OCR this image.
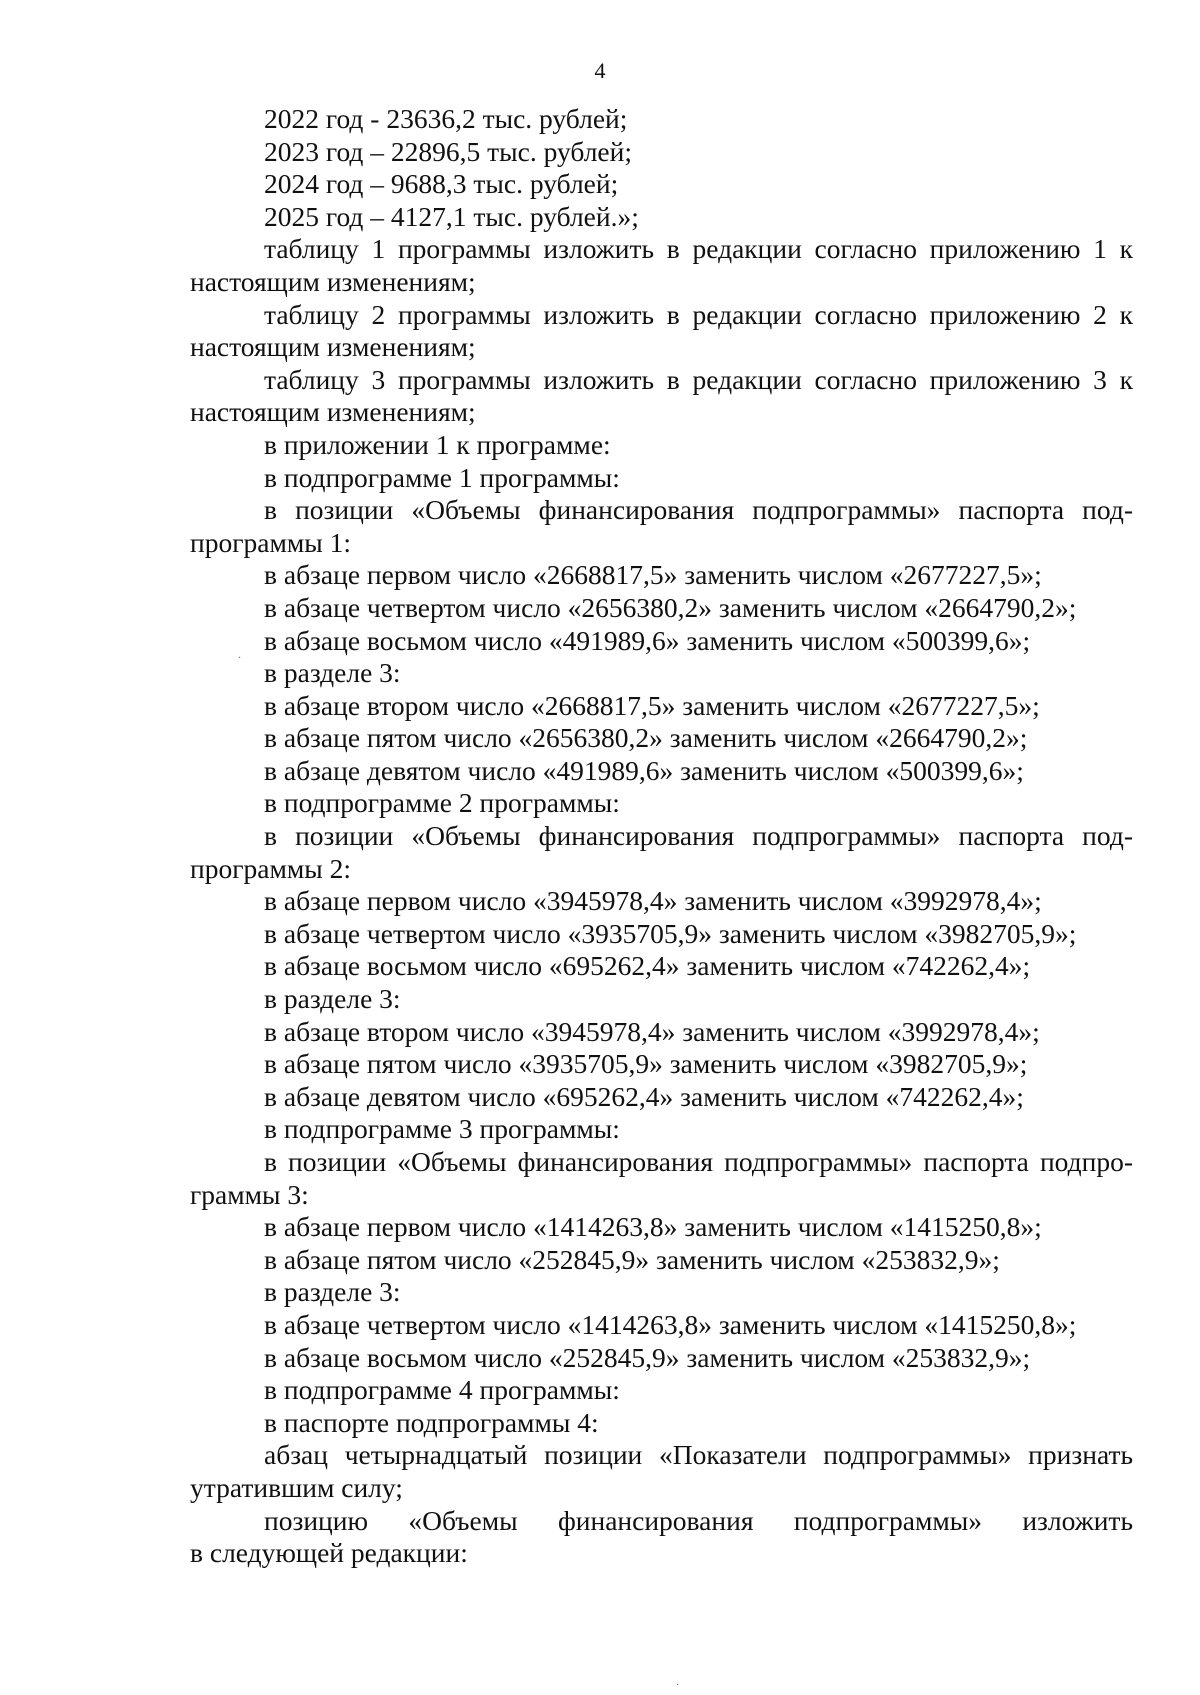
4
2022 год - 23636,2 тыс. рублей;
2023 год – 22896,5 тыс. рублей;
2024 год – 9688,3 тыс. рублей;
2025 год – 4127,1 тыс. рублей.»;
таблицу 1 программы изложить в редакции согласно приложению 1 к
настоящим изменениям;
таблицу 2 программы изложить в редакции согласно приложению 2 к
настоящим изменениям;
таблицу 3 программы изложить в редакции согласно приложению 3 к
настоящим изменениям;
в приложении 1 к программе:
в подпрограмме 1 программы:
в позиции «Объемы финансирования подпрограммы» паспорта под-
программы 1:
в абзаце первом число «2668817,5» заменить числом «2677227,5»;
в абзаце четвертом число «2656380,2» заменить числом «2664790,2»;
в абзаце восьмом число «491989,6» заменить числом «500399,6»;
в разделе 3:
в абзаце втором число «2668817,5» заменить числом «2677227,5»;
в абзаце пятом число «2656380,2» заменить числом «2664790,2»;
в абзаце девятом число «491989,6» заменить числом «500399,6»;
в подпрограмме 2 программы:
в позиции «Объемы финансирования подпрограммы» паспорта под-
программы 2:
в абзаце первом число «3945978,4» заменить числом «3992978,4»;
в абзаце четвертом число «3935705,9» заменить числом «3982705,9»;
в абзаце восьмом число «695262,4» заменить числом «742262,4»;
в разделе 3:
в абзаце втором число «3945978,4» заменить числом «3992978,4»;
в абзаце пятом число «3935705,9» заменить числом «3982705,9»;
в абзаце девятом число «695262,4» заменить числом «742262,4»;
в подпрограмме 3 программы:
в позиции «Объемы финансирования подпрограммы» паспорта подпро-
граммы 3:
в абзаце первом число «1414263,8» заменить числом «1415250,8»;
в абзаце пятом число «252845,9» заменить числом «253832,9»;
в разделе 3:
в абзаце четвертом число «1414263,8» заменить числом «1415250,8»;
в абзаце восьмом число «252845,9» заменить числом «253832,9»;
в подпрограмме 4 программы:
в паспорте подпрограммы 4:
абзац четырнадцатый позиции «Показатели подпрограммы» признать
утратившим силу;
позицию «Объемы финансирования подпрограммы» изложить
в следующей редакции:
·
·
